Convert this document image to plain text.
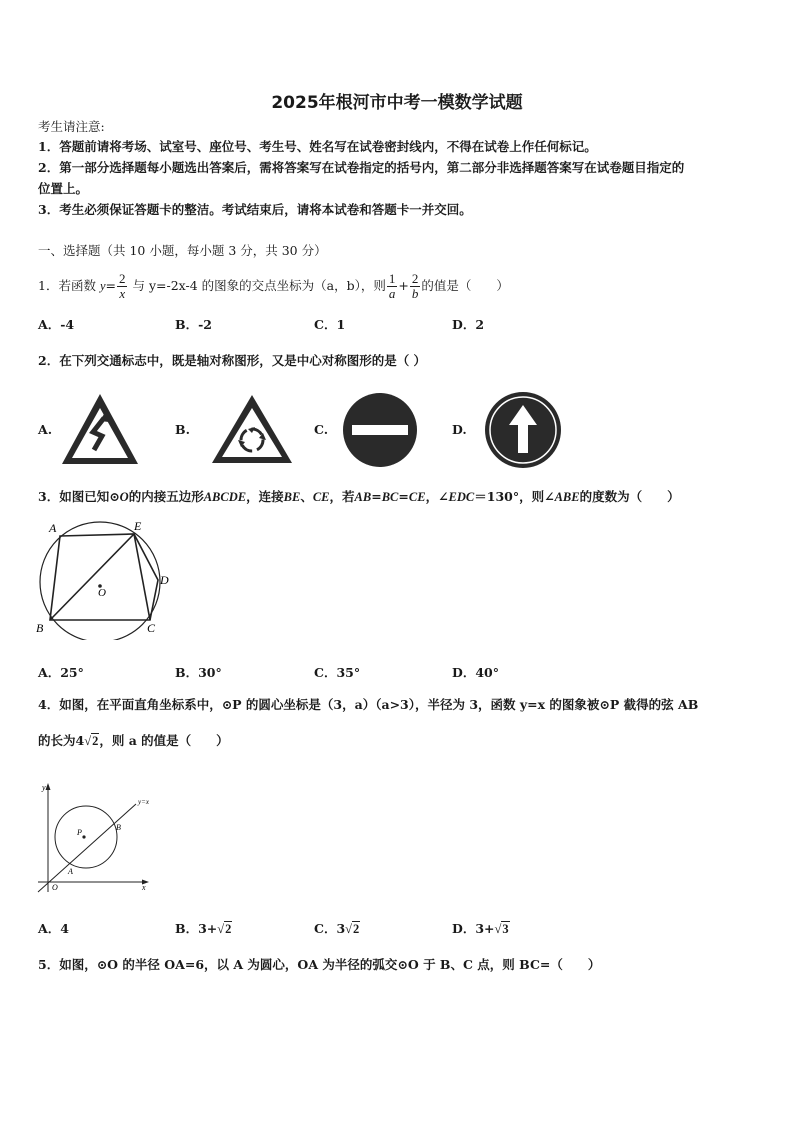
2025年根河市中考一模数学试题
考生请注意:
1．答题前请将考场、试室号、座位号、考生号、姓名写在试卷密封线内，不得在试卷上作任何标记。
2．第一部分选择题每小题选出答案后，需将答案写在试卷指定的括号内，第二部分非选择题答案写在试卷题目指定的
位置上。
3．考生必须保证答题卡的整洁。考试结束后，请将本试卷和答题卡一并交回。
一、选择题（共 10 小题，每小题 3 分，共 30 分）
1．若函数 $y= \frac{2}{x}$ 与 y=-2x-4 的图象的交点坐标为（a，b），则 $\frac{1}{a} + \frac{2}{b}$ 的值是（　　）
A．-4	B．-2	C．1	D．2
2．在下列交通标志中，既是轴对称图形，又是中心对称图形的是（ ）
A.	B.	C.	D.
3．如图已知⊙O的内接五边形ABCDE，连接BE、CE，若AB=BC=CE，∠EDC＝130°，则∠ABE的度数为（　　）
A	E
D
C
B
O
A．25°	B．30°	C．35°	D．40°
4．如图，在平面直角坐标系中，⊙P 的圆心坐标是（3，a）（a>3），半径为 3，函数 y=x 的图象被⊙P 截得的弦 AB
的长为4√2，则 a 的值是（　　）
y
x
O
P
A
B
y=x
A．4	B．3+√2	C．3√2	D．3+√3
5．如图，⊙O 的半径 OA=6，以 A 为圆心，OA 为半径的弧交⊙O 于 B、C 点，则 BC=（　　）
